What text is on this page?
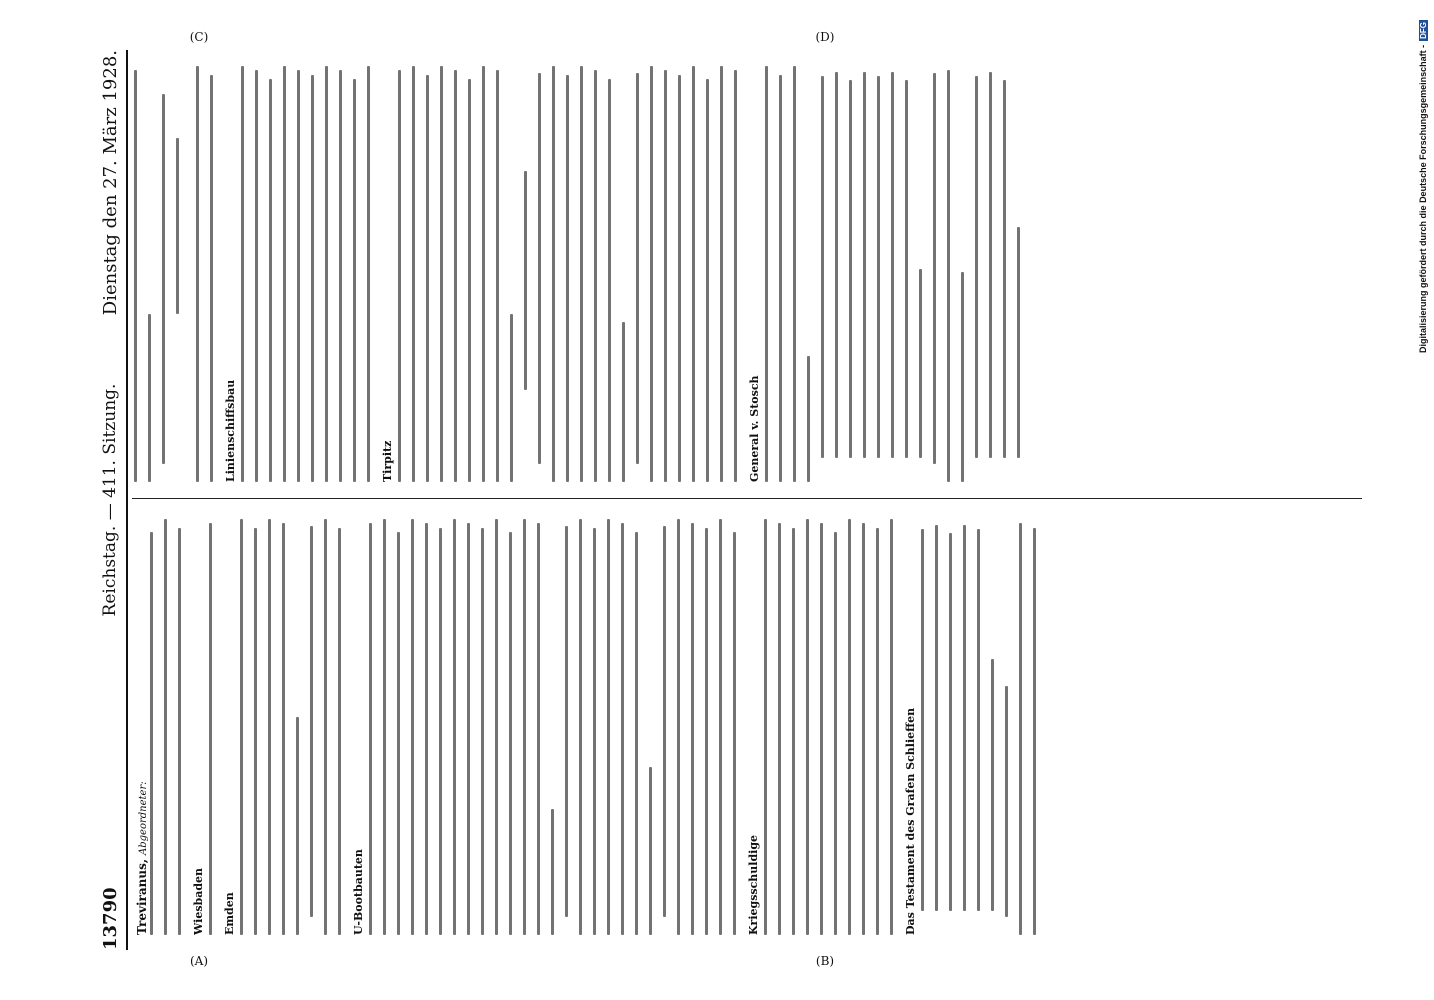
13790
Reichstag. — 411. Sitzung.
Dienstag den 27. März 1928.
Treviranus,Abgeordneter:
Wiesbaden Emden	U-Bootbauten	Kriegsschuldige	Das Testament des Grafen Schlieffen
Linienschiffsbau	Tirpitz	General v. Stosch
(A)	(B)
(C)	(D)
Digitalisierung gefördert durch die Deutsche Forschungsgemeinschaft -DFG
